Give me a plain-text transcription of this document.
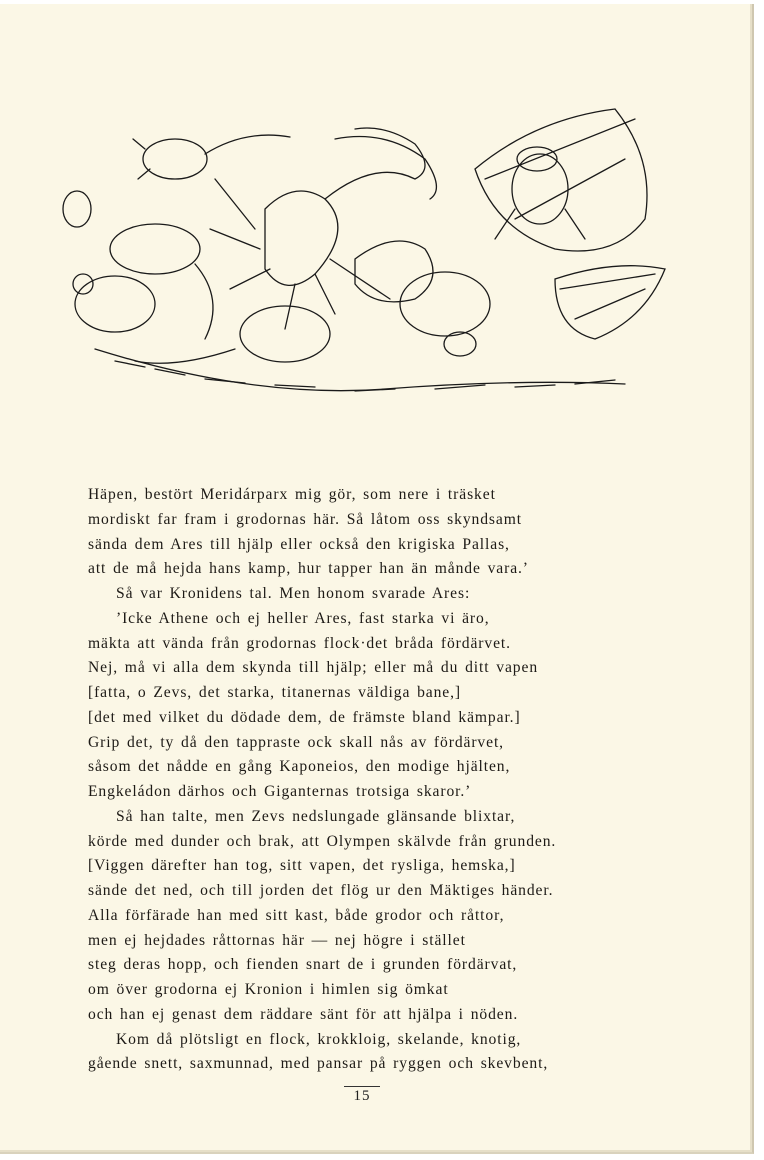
Häpen, bestört Meridárparx mig gör, som nere i träsket
mordiskt far fram i grodornas här. Så låtom oss skyndsamt
sända dem Ares till hjälp eller också den krigiska Pallas,
att de må hejda hans kamp, hur tapper han än månde vara.’
Så var Kronidens tal. Men honom svarade Ares:
’Icke Athene och ej heller Ares, fast starka vi äro,
mäkta att vända från grodornas flock·det bråda fördärvet.
Nej, må vi alla dem skynda till hjälp; eller må du ditt vapen
[fatta, o Zevs, det starka, titanernas väldiga bane,]
[det med vilket du dödade dem, de främste bland kämpar.]
Grip det, ty då den tappraste ock skall nås av fördärvet,
såsom det nådde en gång Kaponeios, den modige hjälten,
Engkeládon därhos och Giganternas trotsiga skaror.’
Så han talte, men Zevs nedslungade glänsande blixtar,
körde med dunder och brak, att Olympen skälvde från grunden.
[Viggen därefter han tog, sitt vapen, det rysliga, hemska,]
sände det ned, och till jorden det flög ur den Mäktiges händer.
Alla förfärade han med sitt kast, både grodor och råttor,
men ej hejdades råttornas här — nej högre i stället
steg deras hopp, och fienden snart de i grunden fördärvat,
om över grodorna ej Kronion i himlen sig ömkat
och han ej genast dem räddare sänt för att hjälpa i nöden.
Kom då plötsligt en flock, krokkloig, skelande, knotig,
gående snett, saxmunnad, med pansar på ryggen och skevbent,
15
